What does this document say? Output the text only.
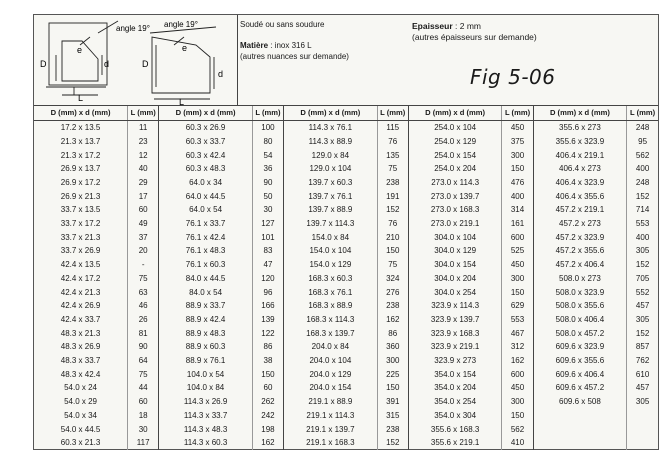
angle 19°
e
D	d
L
angle 19°
e
D
d
L
Soudé ou sans soudure
Matière : inox 316 L
(autres nuances sur demande)
Epaisseur : 2 mm
(autres épaisseurs sur demande)
Fig 5-06
D (mm) x d (mm)	L (mm)	D (mm) x d (mm)	L (mm)	D (mm) x d (mm)	L (mm)	D (mm) x d (mm)	L (mm)	D (mm) x d (mm)	L (mm)
17.2 x 13.5	11	60.3 x 26.9	100	114.3 x 76.1	115	254.0 x 104	450	355.6 x 273	248
21.3 x 13.7	23	60.3 x 33.7	80	114.3 x 88.9	76	254.0 x 129	375	355.6 x 323.9	95
21.3 x 17.2	12	60.3 x 42.4	54	129.0 x 84	135	254.0 x 154	300	406.4 x 219.1	562
26.9 x 13.7	40	60.3 x 48.3	36	129.0 x 104	75	254.0 x 204	150	406.4 x 273	400
26.9 x 17.2	29	64.0 x 34	90	139.7 x 60.3	238	273.0 x 114.3	476	406.4 x 323.9	248
26.9 x 21.3	17	64.0 x 44.5	50	139.7 x 76.1	191	273.0 x 139.7	400	406.4 x 355.6	152
33.7 x 13.5	60	64.0 x 54	30	139.7 x 88.9	152	273.0 x 168.3	314	457.2 x 219.1	714
33.7 x 17.2	49	76.1 x 33.7	127	139.7 x 114.3	76	273.0 x 219.1	161	457.2 x 273	553
33.7 x 21.3	37	76.1 x 42.4	101	154.0 x 84	210	304.0 x 104	600	457.2 x 323.9	400
33.7 x 26.9	20	76.1 x 48.3	83	154.0 x 104	150	304.0 x 129	525	457.2 x 355.6	305
42.4 x 13.5	-	76.1 x 60.3	47	154.0 x 129	75	304.0 x 154	450	457.2 x 406.4	152
42.4 x 17.2	75	84.0 x 44.5	120	168.3 x 60.3	324	304.0 x 204	300	508.0 x 273	705
42.4 x 21.3	63	84.0 x 54	96	168.3 x 76.1	276	304.0 x 254	150	508.0 x 323.9	552
42.4 x 26.9	46	88.9 x 33.7	166	168.3 x 88.9	238	323.9 x 114.3	629	508.0 x 355.6	457
42.4 x 33.7	26	88.9 x 42.4	139	168.3 x 114.3	162	323.9 x 139.7	553	508.0 x 406.4	305
48.3 x 21.3	81	88.9 x 48.3	122	168.3 x 139.7	86	323.9 x 168.3	467	508.0 x 457.2	152
48.3 x 26.9	90	88.9 x 60.3	86	204.0 x 84	360	323.9 x 219.1	312	609.6 x 323.9	857
48.3 x 33.7	64	88.9 x 76.1	38	204.0 x 104	300	323.9 x 273	162	609.6 x 355.6	762
48.3 x 42.4	75	104.0 x 54	150	204.0 x 129	225	354.0 x 154	600	609.6 x 406.4	610
54.0 x 24	44	104.0 x 84	60	204.0 x 154	150	354.0 x 204	450	609.6 x 457.2	457
54.0 x 29	60	114.3 x 26.9	262	219.1 x 88.9	391	354.0 x 254	300	609.6 x 508	305
54.0 x 34	18	114.3 x 33.7	242	219.1 x 114.3	315	354.0 x 304	150		
54.0 x 44.5	30	114.3 x 48.3	198	219.1 x 139.7	238	355.6 x 168.3	562		
60.3 x 21.3	117	114.3 x 60.3	162	219.1 x 168.3	152	355.6 x 219.1	410		
